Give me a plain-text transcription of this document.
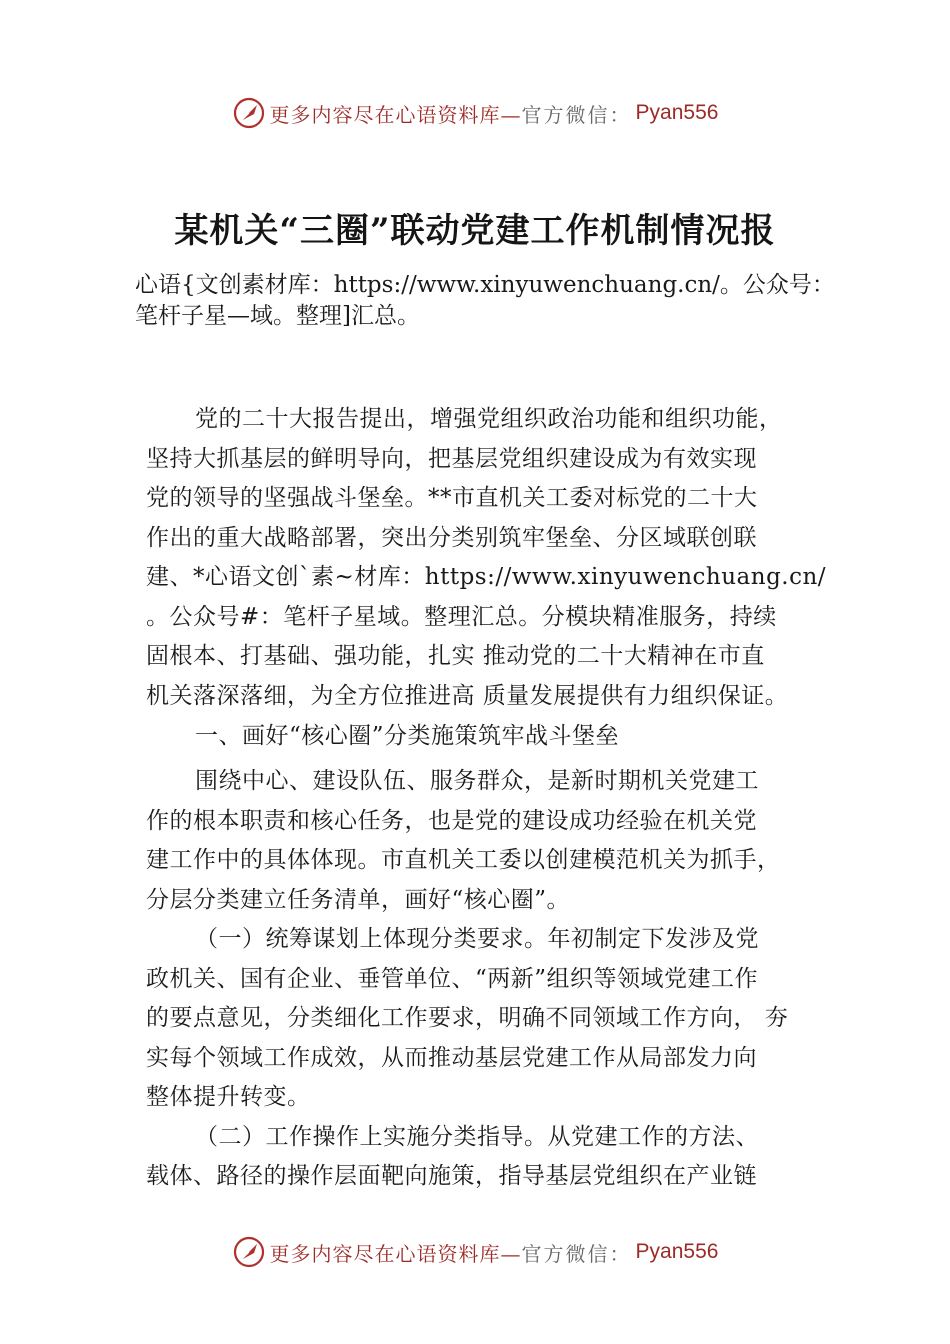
更多内容尽在心语资料库— 官方微信： Pyan556
某机关“三圈”联动党建工作机制情况报
心语{文创素材库：https://www.xinyuwenchuang.cn/。公众号：
笔杆子星—域。整理]汇总。
党的二十大报告提出，增强党组织政治功能和组织功能，
坚持大抓基层的鲜明导向，把基层党组织建设成为有效实现
党的领导的坚强战斗堡垒。**市直机关工委对标党的二十大
作出的重大战略部署，突出分类别筑牢堡垒、分区域联创联
建、*心语文创`素~材库：https://www.xinyuwenchuang.cn/
。公众号#：笔杆子星域。整理汇总。分模块精准服务，持续
固根本、打基础、强功能，扎实 推动党的二十大精神在市直
机关落深落细，为全方位推进高 质量发展提供有力组织保证。
一、画好“核心圈”分类施策筑牢战斗堡垒
围绕中心、建设队伍、服务群众，是新时期机关党建工
作的根本职责和核心任务，也是党的建设成功经验在机关党
建工作中的具体体现。市直机关工委以创建模范机关为抓手，
分层分类建立任务清单，画好“核心圈”。
（一）统筹谋划上体现分类要求。年初制定下发涉及党
政机关、国有企业、垂管单位、“两新”组织等领域党建工作
的要点意见，分类细化工作要求，明确不同领域工作方向， 夯
实每个领域工作成效，从而推动基层党建工作从局部发力向
整体提升转变。
（二）工作操作上实施分类指导。从党建工作的方法、
载体、路径的操作层面靶向施策，指导基层党组织在产业链
更多内容尽在心语资料库— 官方微信： Pyan556
